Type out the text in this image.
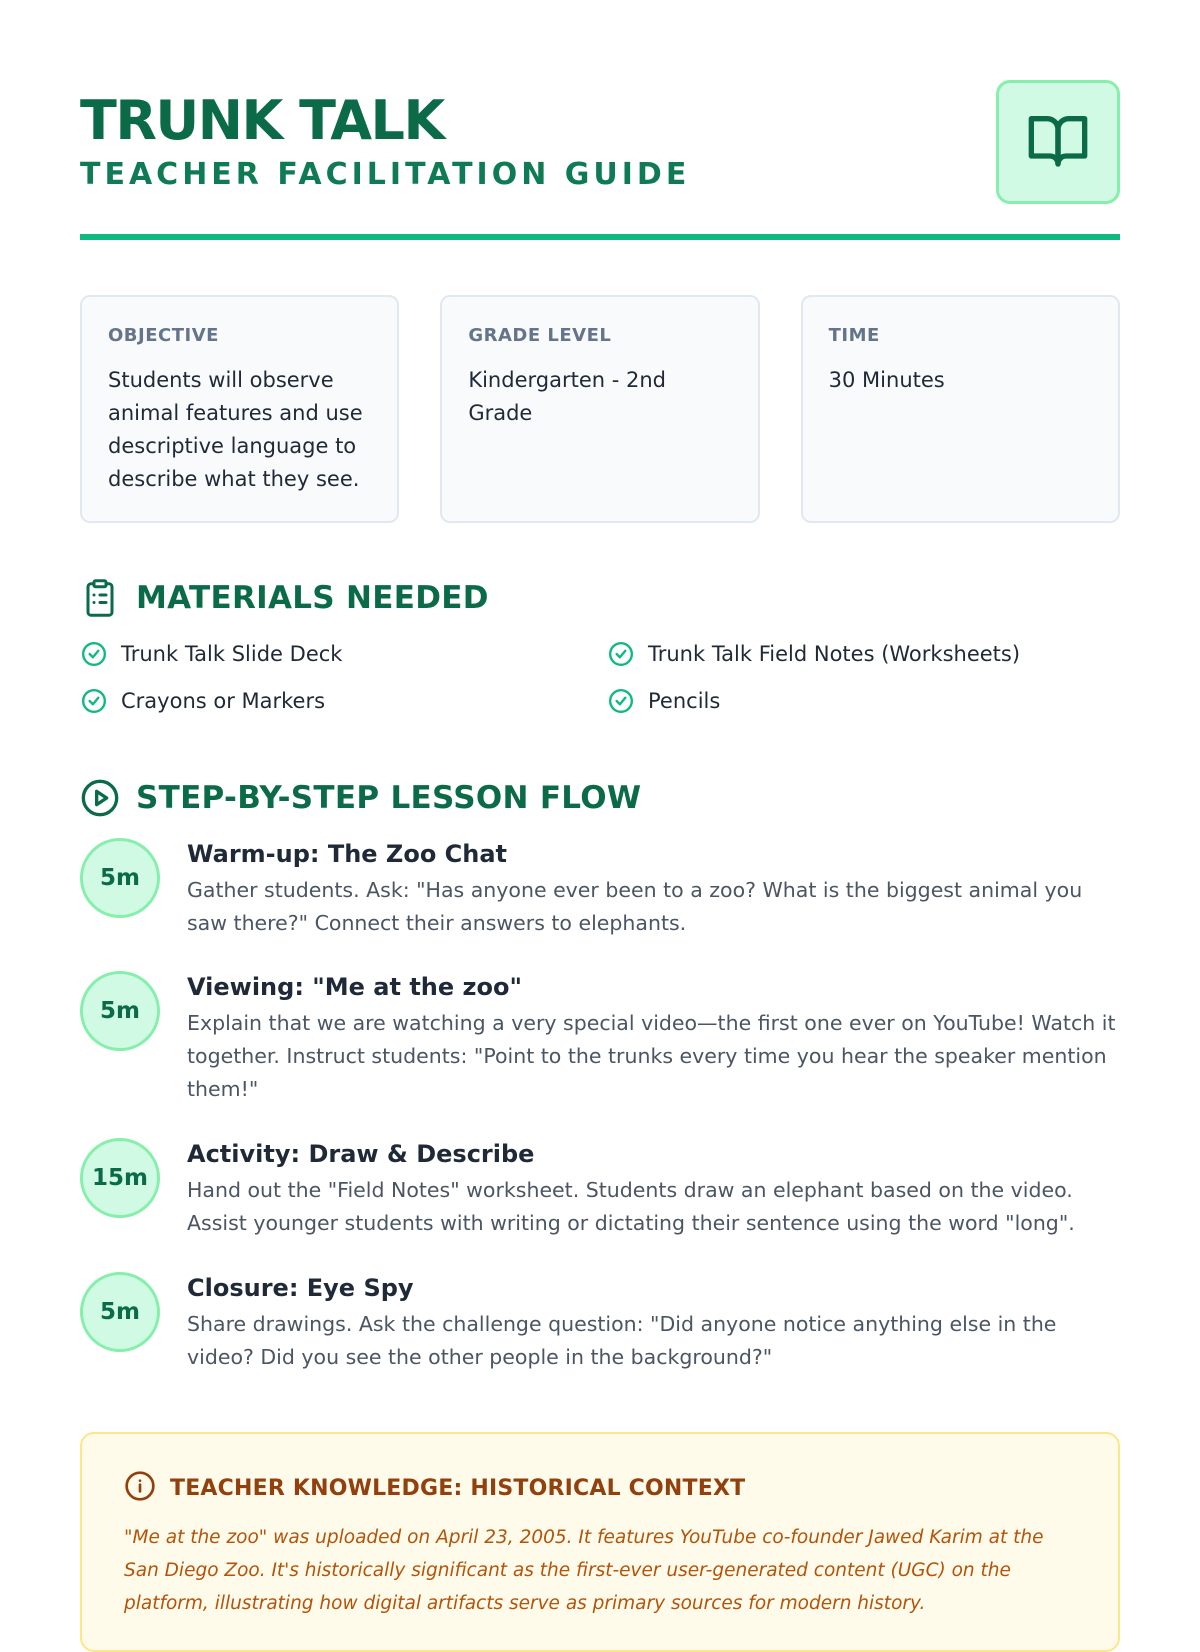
TRUNK TALK
TEACHER FACILITATION GUIDE
OBJECTIVE
Students will observe animal features and use descriptive language to describe what they see.
GRADE LEVEL
Kindergarten - 2nd Grade
TIME
30 Minutes
MATERIALS NEEDED
Trunk Talk Slide Deck	Trunk Talk Field Notes (Worksheets)
Crayons or Markers	Pencils
STEP-BY-STEP LESSON FLOW
5m
Warm-up: The Zoo Chat
Gather students. Ask: "Has anyone ever been to a zoo? What is the biggest animal you saw there?" Connect their answers to elephants.
5m
Viewing: "Me at the zoo"
Explain that we are watching a very special video—the first one ever on YouTube! Watch it together. Instruct students: "Point to the trunks every time you hear the speaker mention them!"
15m
Activity: Draw & Describe
Hand out the "Field Notes" worksheet. Students draw an elephant based on the video. Assist younger students with writing or dictating their sentence using the word "long".
5m
Closure: Eye Spy
Share drawings. Ask the challenge question: "Did anyone notice anything else in the video? Did you see the other people in the background?"
TEACHER KNOWLEDGE: HISTORICAL CONTEXT
"Me at the zoo" was uploaded on April 23, 2005. It features YouTube co-founder Jawed Karim at the San Diego Zoo. It's historically significant as the first-ever user-generated content (UGC) on the platform, illustrating how digital artifacts serve as primary sources for modern history.
